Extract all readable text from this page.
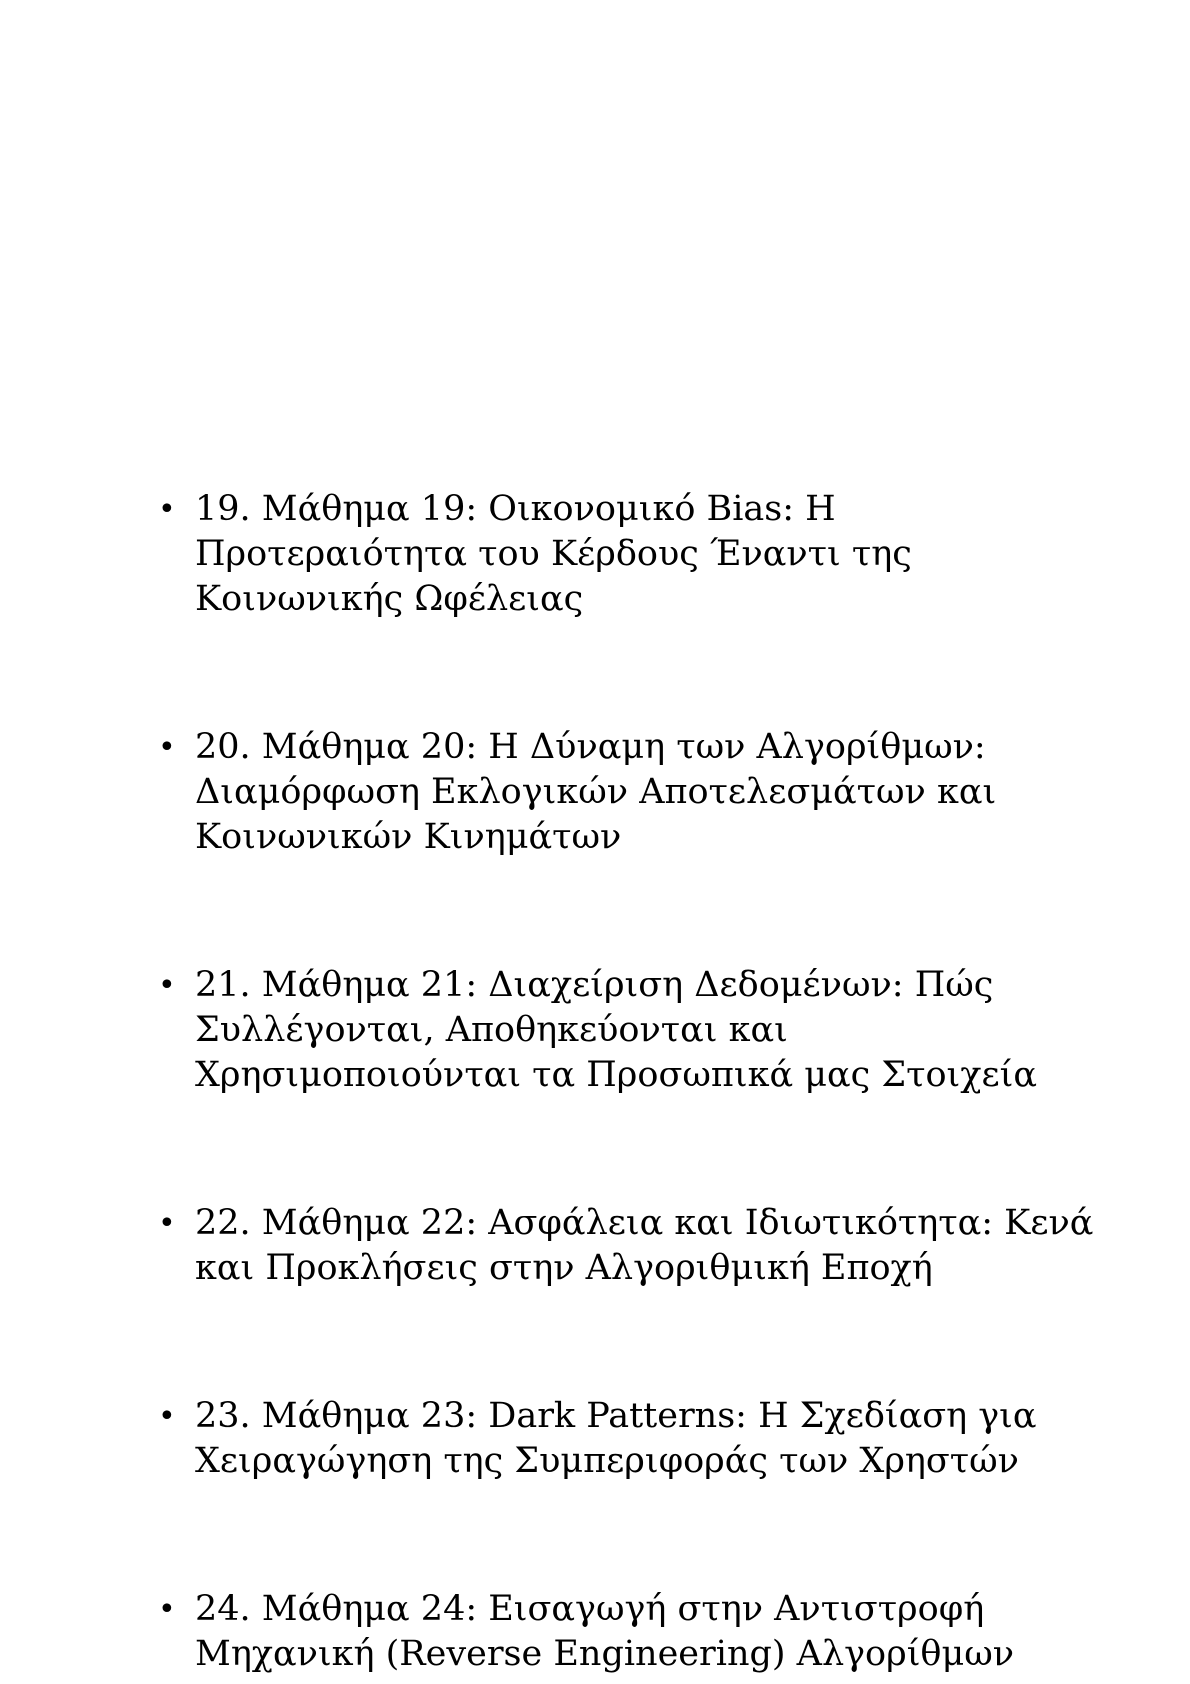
• 19. Μάθημα 19: Οικονομικό Bias: Η Προτεραιότητα του Κέρδους Έναντι της Κοινωνικής Ωφέλειας
• 20. Μάθημα 20: Η Δύναμη των Αλγορίθμων: Διαμόρφωση Εκλογικών Αποτελεσμάτων και Κοινωνικών Κινημάτων
• 21. Μάθημα 21: Διαχείριση Δεδομένων: Πώς Συλλέγονται, Αποθηκεύονται και Χρησιμοποιούνται τα Προσωπικά μας Στοιχεία
• 22. Μάθημα 22: Ασφάλεια και Ιδιωτικότητα: Κενά και Προκλήσεις στην Αλγοριθμική Εποχή
• 23. Μάθημα 23: Dark Patterns: Η Σχεδίαση για Χειραγώγηση της Συμπεριφοράς των Χρηστών
• 24. Μάθημα 24: Εισαγωγή στην Αντιστροφή Μηχανική (Reverse Engineering) Αλγορίθμων
